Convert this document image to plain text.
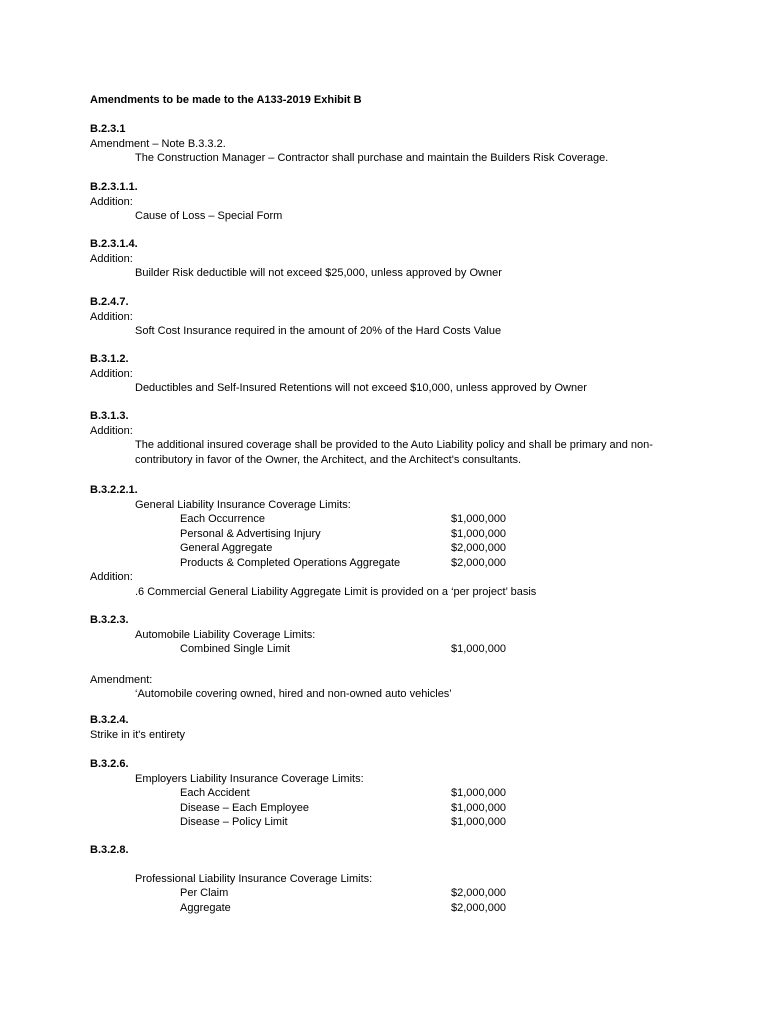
Amendments to be made to the A133-2019 Exhibit B
B.2.3.1
Amendment – Note B.3.3.2.
The Construction Manager – Contractor shall purchase and maintain the Builders Risk Coverage.
B.2.3.1.1.
Addition:
Cause of Loss – Special Form
B.2.3.1.4.
Addition:
Builder Risk deductible will not exceed $25,000, unless approved by Owner
B.2.4.7.
Addition:
Soft Cost Insurance required in the amount of 20% of the Hard Costs Value
B.3.1.2.
Addition:
Deductibles and Self-Insured Retentions will not exceed $10,000, unless approved by Owner
B.3.1.3.
Addition:
The additional insured coverage shall be provided to the Auto Liability policy and shall be primary and non-contributory in favor of the Owner, the Architect, and the Architect's consultants.
B.3.2.2.1.
General Liability Insurance Coverage Limits:
Each Occurrence	$1,000,000
Personal & Advertising Injury	$1,000,000
General Aggregate	$2,000,000
Products & Completed Operations Aggregate	$2,000,000
Addition:
.6 Commercial General Liability Aggregate Limit is provided on a ‘per project’ basis
B.3.2.3.
Automobile Liability Coverage Limits:
Combined Single Limit	$1,000,000
Amendment:
‘Automobile covering owned, hired and non-owned auto vehicles’
B.3.2.4.
Strike in it's entirety
B.3.2.6.
Employers Liability Insurance Coverage Limits:
Each Accident	$1,000,000
Disease – Each Employee	$1,000,000
Disease – Policy Limit	$1,000,000
B.3.2.8.
Professional Liability Insurance Coverage Limits:
Per Claim	$2,000,000
Aggregate	$2,000,000
